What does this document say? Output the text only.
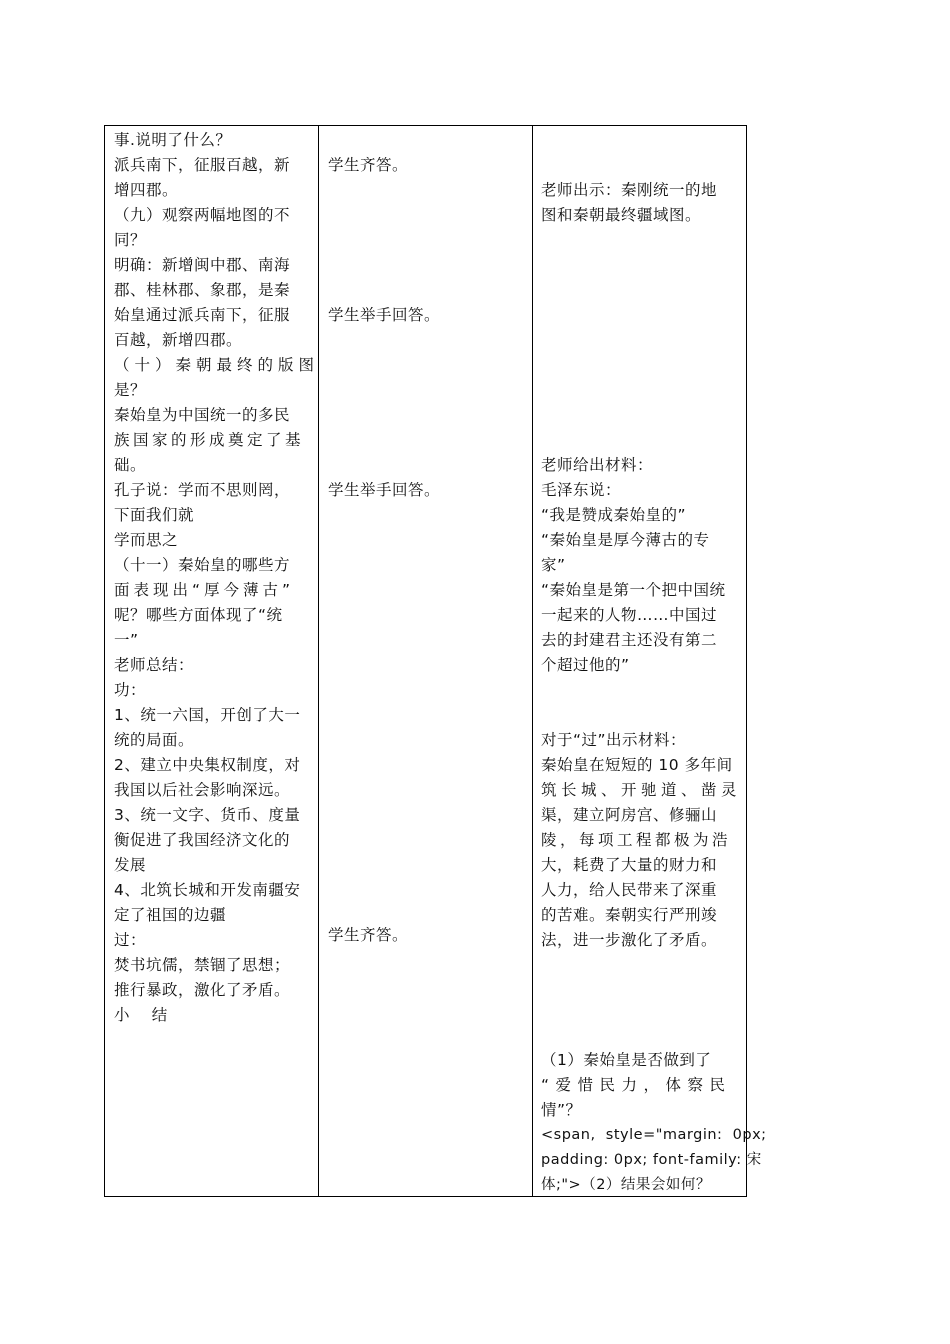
事.说明了什么？
派兵南下，征服百越，新
增四郡。
（九）观察两幅地图的不
同？
明确：新增闽中郡、南海
郡、桂林郡、象郡，是秦
始皇通过派兵南下，征服
百越，新增四郡。
（十）秦朝最终的版图
是？
秦始皇为中国统一的多民
族国家的形成奠定了基
础。
孔子说：学而不思则罔，
下面我们就
学而思之
（十一）秦始皇的哪些方
面表现出“厚今薄古”
呢？哪些方面体现了“统
一”
老师总结：
功：
1、统一六国，开创了大一
统的局面。
2、建立中央集权制度，对
我国以后社会影响深远。
3、统一文字、货币、度量
衡促进了我国经济文化的
发展
4、北筑长城和开发南疆安
定了祖国的边疆
过：
焚书坑儒，禁锢了思想；
推行暴政，激化了矛盾。
小    结
学生齐答。
学生举手回答。
学生举手回答。
学生齐答。
老师出示：秦刚统一的地
图和秦朝最终疆域图。
老师给出材料：
毛泽东说：
“我是赞成秦始皇的”
“秦始皇是厚今薄古的专
家”
“秦始皇是第一个把中国统
一起来的人物……中国过
去的封建君主还没有第二
个超过他的”
对于“过”出示材料：
秦始皇在短短的 10 多年间
筑长城、开驰道、凿灵
渠，建立阿房宫、修骊山
陵，每项工程都极为浩
大，耗费了大量的财力和
人力，给人民带来了深重
的苦难。秦朝实行严刑竣
法，进一步激化了矛盾。
（1）秦始皇是否做到了
“爱惜民力，体察民
情”？
<span,  style="margin:  0px;
padding: 0px; font-family: 宋
体;">（2）结果会如何？
